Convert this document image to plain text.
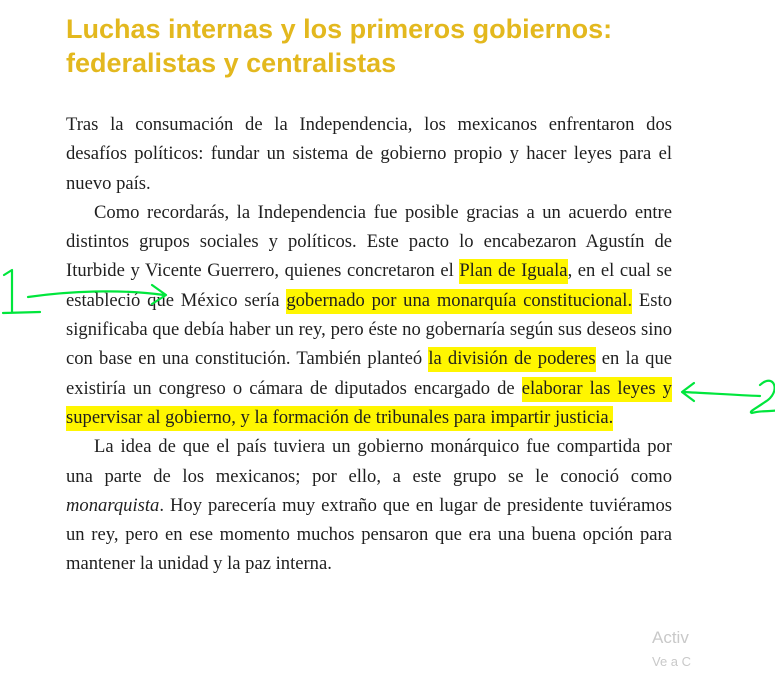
Luchas internas y los primeros gobiernos: federalistas y centralistas

Tras la consumación de la Independencia, los mexicanos enfrentaron dos desafíos políticos: fundar un sistema de gobierno propio y hacer leyes para el nuevo país.

Como recordarás, la Independencia fue posible gracias a un acuerdo entre distintos grupos sociales y políticos. Este pacto lo encabezaron Agustín de Iturbide y Vicente Guerrero, quienes concretaron el Plan de Iguala, en el cual se estableció que México sería gobernado por una monarquía constitucional. Esto significaba que debía haber un rey, pero éste no gobernaría según sus deseos sino con base en una constitución. También planteó la división de poderes en la que existiría un congreso o cámara de diputados encargado de elaborar las leyes y supervisar al gobierno, y la formación de tribunales para impartir justicia.

La idea de que el país tuviera un gobierno monárquico fue compartida por una parte de los mexicanos; por ello, a este grupo se le conoció como monarquista. Hoy parecería muy extraño que en lugar de presidente tuviéramos un rey, pero en ese momento muchos pensaron que era una buena opción para mantener la unidad y la paz interna.

Activ
Ve a C
